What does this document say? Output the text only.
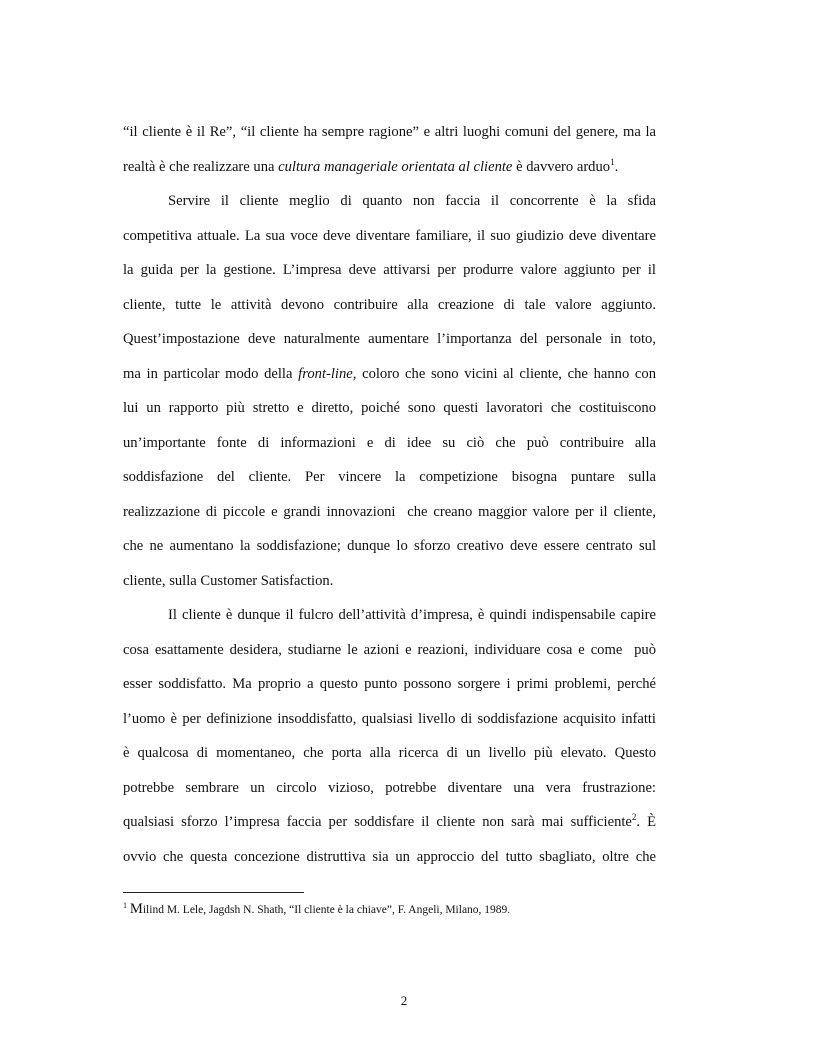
“il cliente è il Re”, “il cliente ha sempre ragione” e altri luoghi comuni del genere, ma la
realtà è che realizzare una cultura manageriale orientata al cliente è davvero arduo$^1$.
Servire il cliente meglio di quanto non faccia il concorrente è la sfida
competitiva attuale. La sua voce deve diventare familiare, il suo giudizio deve diventare
la guida per la gestione. L’impresa deve attivarsi per produrre valore aggiunto per il
cliente, tutte le attività devono contribuire alla creazione di tale valore aggiunto.
Quest’impostazione deve naturalmente aumentare l’importanza del personale in toto,
ma in particolar modo della front-line, coloro che sono vicini al cliente, che hanno con
lui un rapporto più stretto e diretto, poiché sono questi lavoratori che costituiscono
un’importante fonte di informazioni e di idee su ciò che può contribuire alla
soddisfazione del cliente. Per vincere la competizione bisogna puntare sulla
realizzazione di piccole e grandi innovazioni  che creano maggior valore per il cliente,
che ne aumentano la soddisfazione; dunque lo sforzo creativo deve essere centrato sul
cliente, sulla Customer Satisfaction.
Il cliente è dunque il fulcro dell’attività d’impresa, è quindi indispensabile capire
cosa esattamente desidera, studiarne le azioni e reazioni, individuare cosa e come  può
esser soddisfatto. Ma proprio a questo punto possono sorgere i primi problemi, perché
l’uomo è per definizione insoddisfatto, qualsiasi livello di soddisfazione acquisito infatti
è qualcosa di momentaneo, che porta alla ricerca di un livello più elevato. Questo
potrebbe sembrare un circolo vizioso, potrebbe diventare una vera frustrazione:
qualsiasi sforzo l’impresa faccia per soddisfare il cliente non sarà mai sufficiente$^2$. È
ovvio che questa concezione distruttiva sia un approccio del tutto sbagliato, oltre che
$^1$ Milind M. Lele, Jagdsh N. Shath, “Il cliente è la chiave”, F. Angeli, Milano, 1989.
2
